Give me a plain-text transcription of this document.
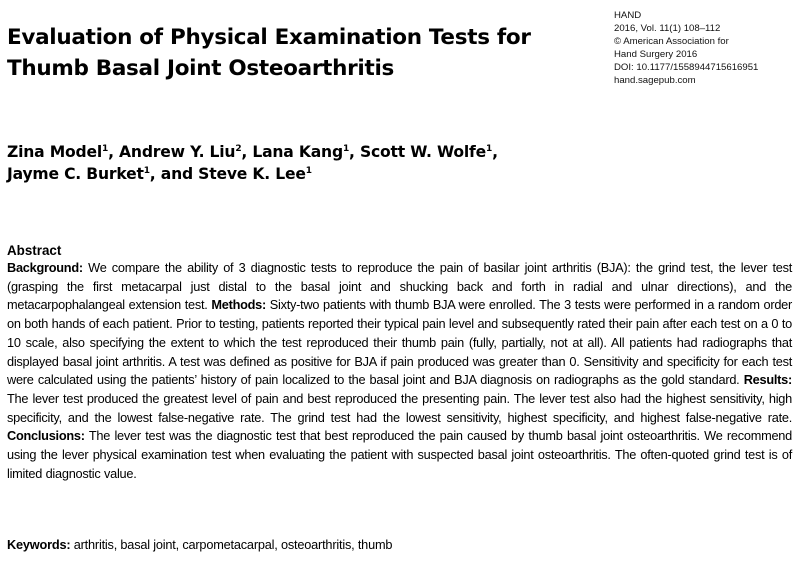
Evaluation of Physical Examination Tests for
Thumb Basal Joint Osteoarthritis
HAND
2016, Vol. 11(1) 108–112
© American Association for
Hand Surgery 2016
DOI: 10.1177/1558944715616951
hand.sagepub.com
Zina Model$^1$, Andrew Y. Liu$^2$, Lana Kang$^1$, Scott W. Wolfe$^1$,
Jayme C. Burket$^1$, and Steve K. Lee$^1$
Abstract
Background: We compare the ability of 3 diagnostic tests to reproduce the pain of basilar joint arthritis (BJA): the grind test, the lever test (grasping the first metacarpal just distal to the basal joint and shucking back and forth in radial and ulnar directions), and the metacarpophalangeal extension test. Methods: Sixty-two patients with thumb BJA were enrolled. The 3 tests were performed in a random order on both hands of each patient. Prior to testing, patients reported their typical pain level and subsequently rated their pain after each test on a 0 to 10 scale, also specifying the extent to which the test reproduced their thumb pain (fully, partially, not at all). All patients had radiographs that displayed basal joint arthritis. A test was defined as positive for BJA if pain produced was greater than 0. Sensitivity and specificity for each test were calculated using the patients’ history of pain localized to the basal joint and BJA diagnosis on radiographs as the gold standard. Results: The lever test produced the greatest level of pain and best reproduced the presenting pain. The lever test also had the highest sensitivity, high specificity, and the lowest false-negative rate. The grind test had the lowest sensitivity, highest specificity, and highest false-negative rate. Conclusions: The lever test was the diagnostic test that best reproduced the pain caused by thumb basal joint osteoarthritis. We recommend using the lever physical examination test when evaluating the patient with suspected basal joint osteoarthritis. The often-quoted grind test is of limited diagnostic value.
Keywords: arthritis, basal joint, carpometacarpal, osteoarthritis, thumb
